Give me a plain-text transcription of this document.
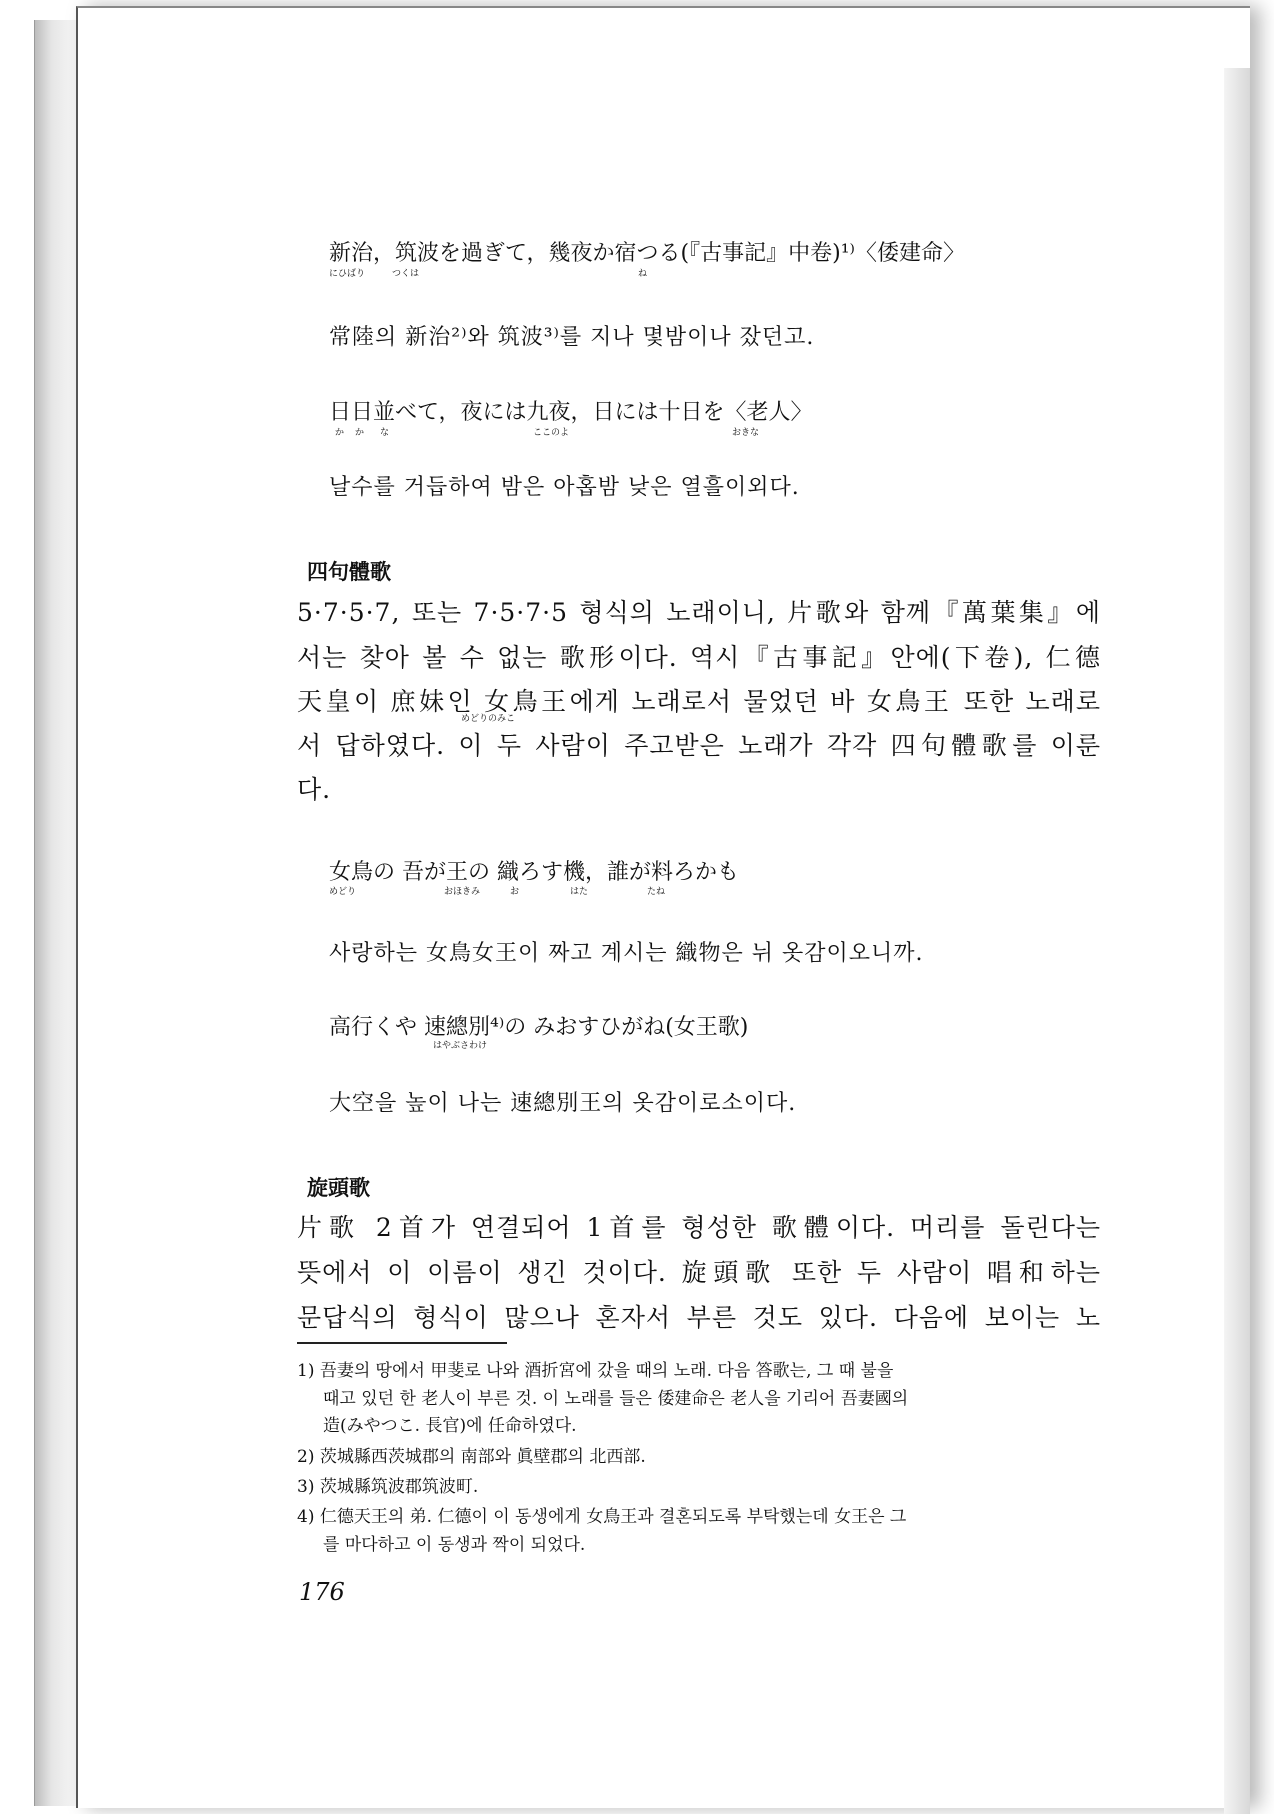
新治，筑波を過ぎて，幾夜か宿つる(『古事記』中卷)¹⁾〈倭建命〉
にひばり	つくは	ね
常陸의 新治²⁾와 筑波³⁾를 지나 몇밤이나 잤던고.
日日並べて，夜には九夜，日には十日を〈老人〉
か か な	ここのよ	おきな
날수를 거듭하여 밤은 아홉밤 낮은 열흘이외다.
四句體歌
5·7·5·7, 또는 7·5·7·5 형식의 노래이니, 片歌와 함께『萬葉集』에
서는 찾아 볼 수 없는 歌形이다. 역시『古事記』안에(下卷), 仁德
天皇이 庶妹인 女鳥王에게 노래로서 물었던 바 女鳥王 또한 노래로
めどりのみこ
서 답하였다. 이 두 사람이 주고받은 노래가 각각 四句體歌를 이룬
다.
女鳥の 吾が王の 織ろす機，誰が料ろかも
めどり	おほきみ	お	はた	たね
사랑하는 女鳥女王이 짜고 계시는 織物은 뉘 옷감이오니까.
高行くや 速總別⁴⁾の みおすひがね(女王歌)
はやぶさわけ
大空을 높이 나는 速總別王의 옷감이로소이다.
旋頭歌
片歌 2首가 연결되어 1首를 형성한 歌體이다. 머리를 돌린다는
뜻에서 이 이름이 생긴 것이다. 旋頭歌 또한 두 사람이 唱和하는
문답식의 형식이 많으나 혼자서 부른 것도 있다. 다음에 보이는 노
1) 吾妻의 땅에서 甲斐로 나와 酒折宮에 갔을 때의 노래. 다음 答歌는, 그 때 불을
때고 있던 한 老人이 부른 것. 이 노래를 들은 倭建命은 老人을 기리어 吾妻國의
造(みやつこ. 長官)에 任命하였다.
2) 茨城縣西茨城郡의 南部와 眞壁郡의 北西部.
3) 茨城縣筑波郡筑波町.
4) 仁德天王의 弟. 仁德이 이 동생에게 女鳥王과 결혼되도록 부탁했는데 女王은 그
를 마다하고 이 동생과 짝이 되었다.
176
